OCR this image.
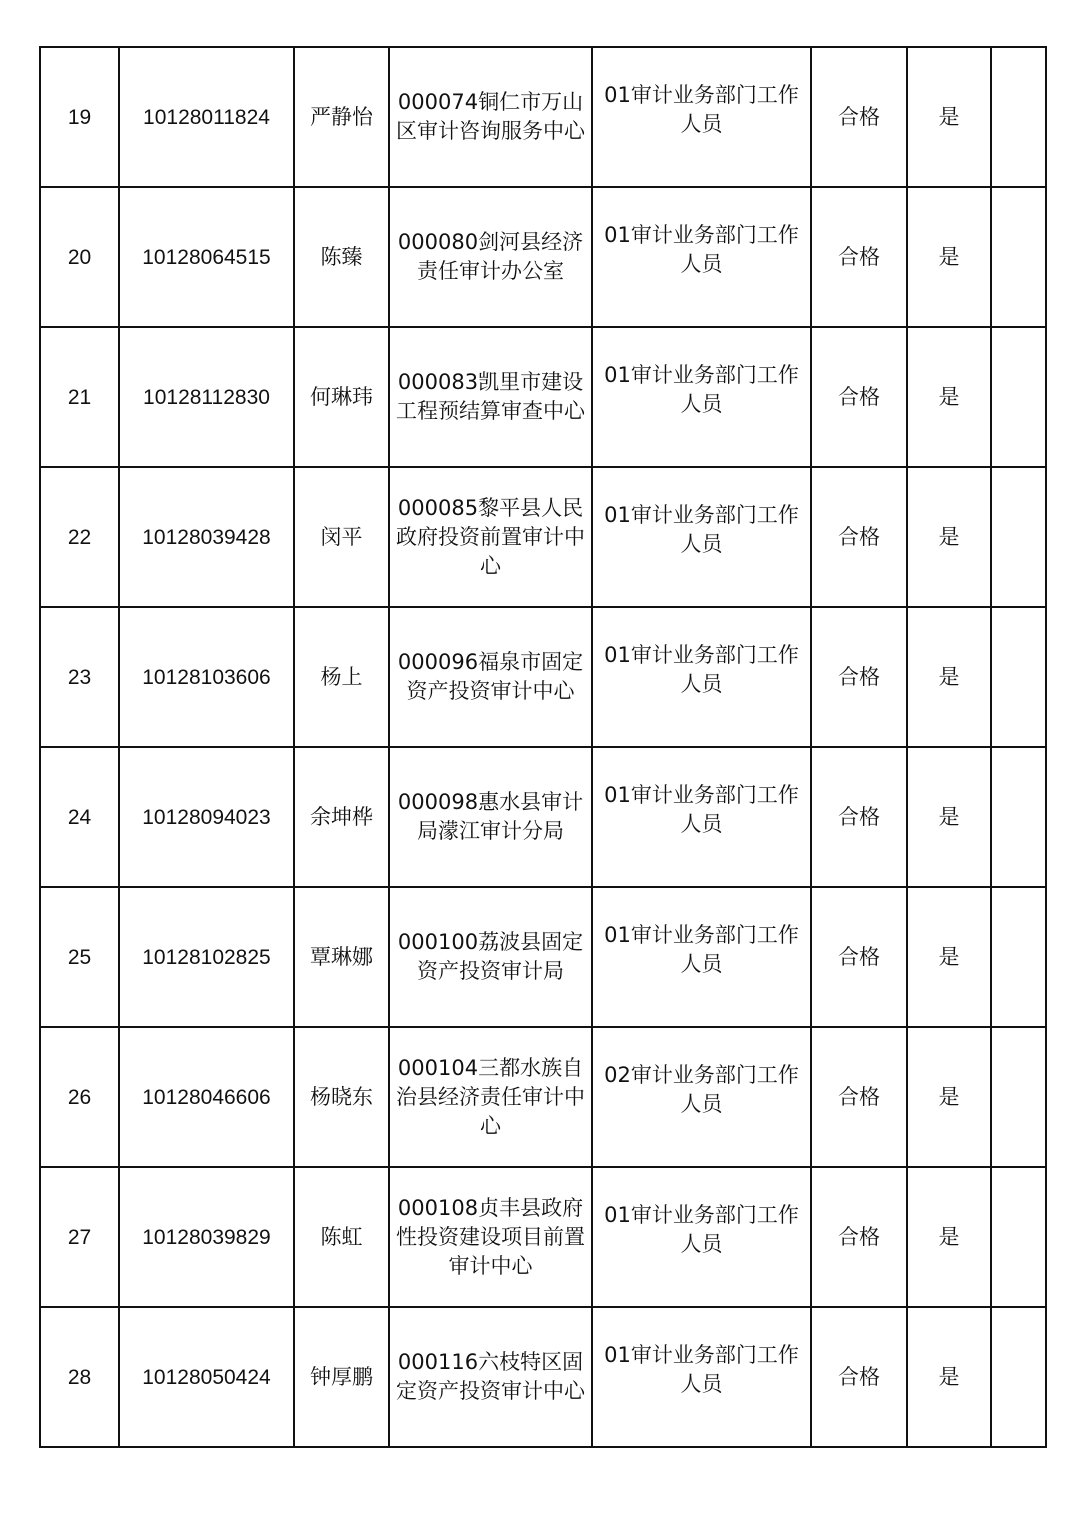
19	10128011824	严静怡	000074铜仁市万山区审计咨询服务中心	01审计业务部门工作人员	合格	是	
20	10128064515	陈臻	000080剑河县经济责任审计办公室	01审计业务部门工作人员	合格	是	
21	10128112830	何琳玮	000083凯里市建设工程预结算审查中心	01审计业务部门工作人员	合格	是	
22	10128039428	闵平	000085黎平县人民政府投资前置审计中心	01审计业务部门工作人员	合格	是	
23	10128103606	杨上	000096福泉市固定资产投资审计中心	01审计业务部门工作人员	合格	是	
24	10128094023	余坤桦	000098惠水县审计局濛江审计分局	01审计业务部门工作人员	合格	是	
25	10128102825	覃琳娜	000100荔波县固定资产投资审计局	01审计业务部门工作人员	合格	是	
26	10128046606	杨晓东	000104三都水族自治县经济责任审计中心	02审计业务部门工作人员	合格	是	
27	10128039829	陈虹	000108贞丰县政府性投资建设项目前置审计中心	01审计业务部门工作人员	合格	是	
28	10128050424	钟厚鹏	000116六枝特区固定资产投资审计中心	01审计业务部门工作人员	合格	是	
